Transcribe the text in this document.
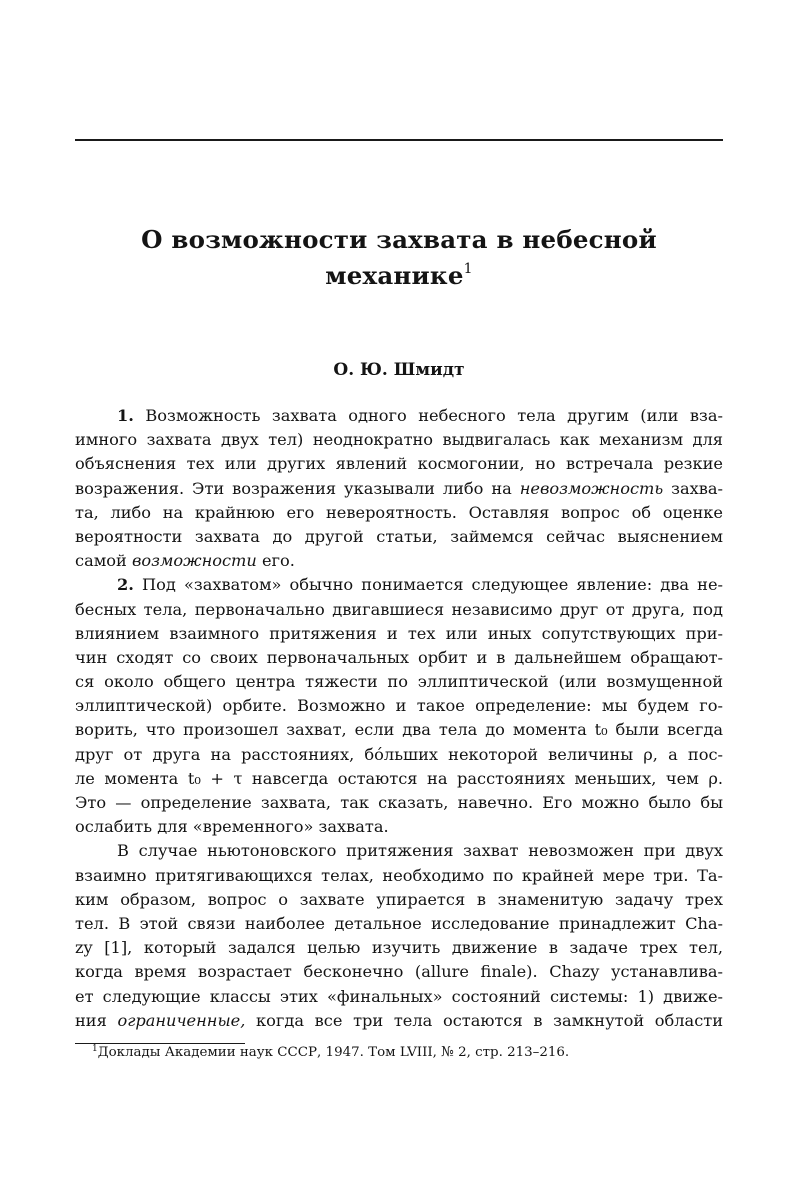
О возможности захвата в небесной
механике$^1$
О. Ю. Шмидт
1. Возможность захвата одного небесного тела другим (или вза-
имного захвата двух тел) неоднократно выдвигалась как механизм для
объяснения тех или других явлений космогонии, но встречала резкие
возражения. Эти возражения указывали либо на невозможность захва-
та, либо на крайнюю его невероятность. Оставляя вопрос об оценке
вероятности захвата до другой статьи, займемся сейчас выяснением
самой возможности его.
2. Под «захватом» обычно понимается следующее явление: два не-
бесных тела, первоначально двигавшиеся независимо друг от друга, под
влиянием взаимного притяжения и тех или иных сопутствующих при-
чин сходят со своих первоначальных орбит и в дальнейшем обращают-
ся около общего центра тяжести по эллиптической (или возмущенной
эллиптической) орбите. Возможно и такое определение: мы будем го-
ворить, что произошел захват, если два тела до момента t₀ были всегда
друг от друга на расстояниях, бóльших некоторой величины ρ, а пос-
ле момента t₀ + τ навсегда остаются на расстояниях меньших, чем ρ.
Это — определение захвата, так сказать, навечно. Его можно было бы
ослабить для «временного» захвата.
В случае ньютоновского притяжения захват невозможен при двух
взаимно притягивающихся телах, необходимо по крайней мере три. Та-
ким образом, вопрос о захвате упирается в знаменитую задачу трех
тел. В этой связи наиболее детальное исследование принадлежит Cha-
zy [1], который задался целью изучить движение в задаче трех тел,
когда время возрастает бесконечно (allure finale). Chazy устанавлива-
ет следующие классы этих «финальных» состояний системы: 1) движе-
ния ограниченные, когда все три тела остаются в замкнутой области
$^1$Доклады Академии наук СССР, 1947. Том LVIII, № 2, стр. 213–216.
